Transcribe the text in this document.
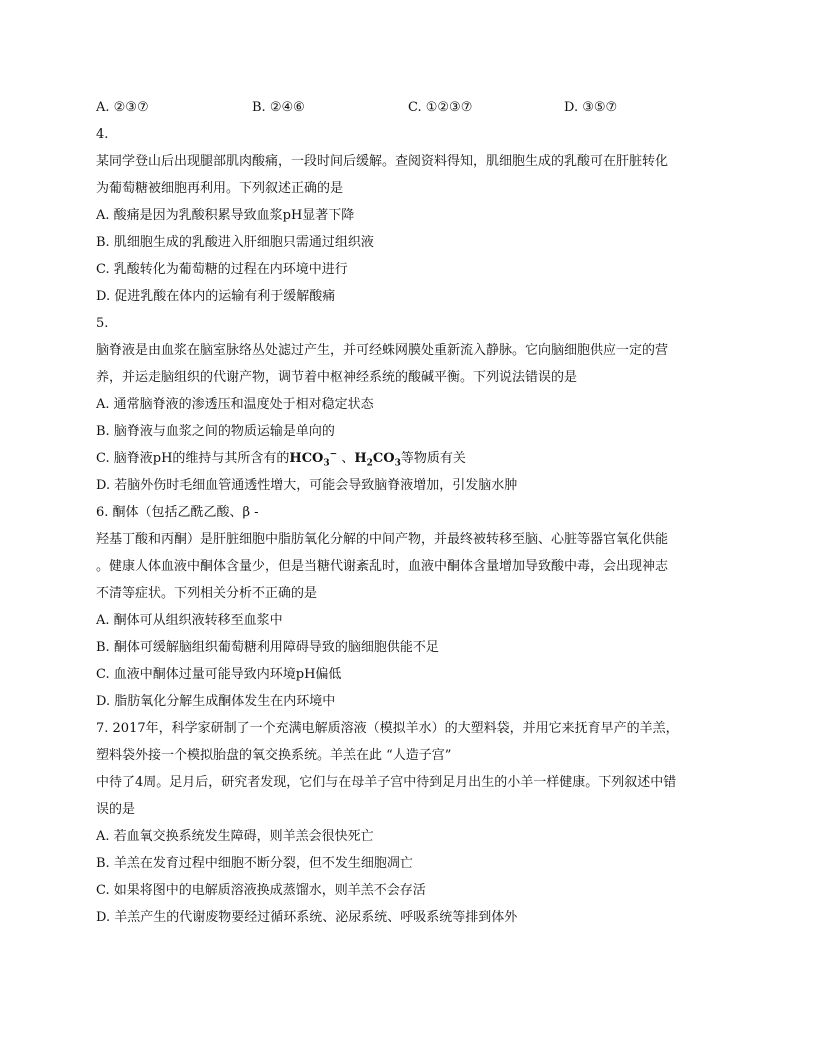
A. ②③⑦	B. ②④⑥	C. ①②③⑦	D. ③⑤⑦
4.
某同学登山后出现腿部肌肉酸痛，一段时间后缓解。查阅资料得知，肌细胞生成的乳酸可在肝脏转化
为葡萄糖被细胞再利用。下列叙述正确的是
A. 酸痛是因为乳酸积累导致血浆pH显著下降
B. 肌细胞生成的乳酸进入肝细胞只需通过组织液
C. 乳酸转化为葡萄糖的过程在内环境中进行
D. 促进乳酸在体内的运输有利于缓解酸痛
5.
脑脊液是由血浆在脑室脉络丛处滤过产生，并可经蛛网膜处重新流入静脉。它向脑细胞供应一定的营
养，并运走脑组织的代谢产物，调节着中枢神经系统的酸碱平衡。下列说法错误的是
A. 通常脑脊液的渗透压和温度处于相对稳定状态
B. 脑脊液与血浆之间的物质运输是单向的
C. 脑脊液pH的维持与其所含有的$HCO_3^-$ 、$H_2CO_3$等物质有关
D. 若脑外伤时毛细血管通透性增大，可能会导致脑脊液增加，引发脑水肿
6. 酮体（包括乙酰乙酸、β -
羟基丁酸和丙酮）是肝脏细胞中脂肪氧化分解的中间产物，并最终被转移至脑、心脏等器官氧化供能
。健康人体血液中酮体含量少，但是当糖代谢紊乱时，血液中酮体含量增加导致酸中毒，会出现神志
不清等症状。下列相关分析不正确的是
A. 酮体可从组织液转移至血浆中
B. 酮体可缓解脑组织葡萄糖利用障碍导致的脑细胞供能不足
C. 血液中酮体过量可能导致内环境pH偏低
D. 脂肪氧化分解生成酮体发生在内环境中
7. 2017年，科学家研制了一个充满电解质溶液（模拟羊水）的大塑料袋，并用它来抚育早产的羊羔，
塑料袋外接一个模拟胎盘的氧交换系统。羊羔在此 “人造子宫”
中待了4周。足月后，研究者发现，它们与在母羊子宫中待到足月出生的小羊一样健康。下列叙述中错
误的是
A. 若血氧交换系统发生障碍，则羊羔会很快死亡
B. 羊羔在发育过程中细胞不断分裂，但不发生细胞凋亡
C. 如果将图中的电解质溶液换成蒸馏水，则羊羔不会存活
D. 羊羔产生的代谢废物要经过循环系统、泌尿系统、呼吸系统等排到体外
